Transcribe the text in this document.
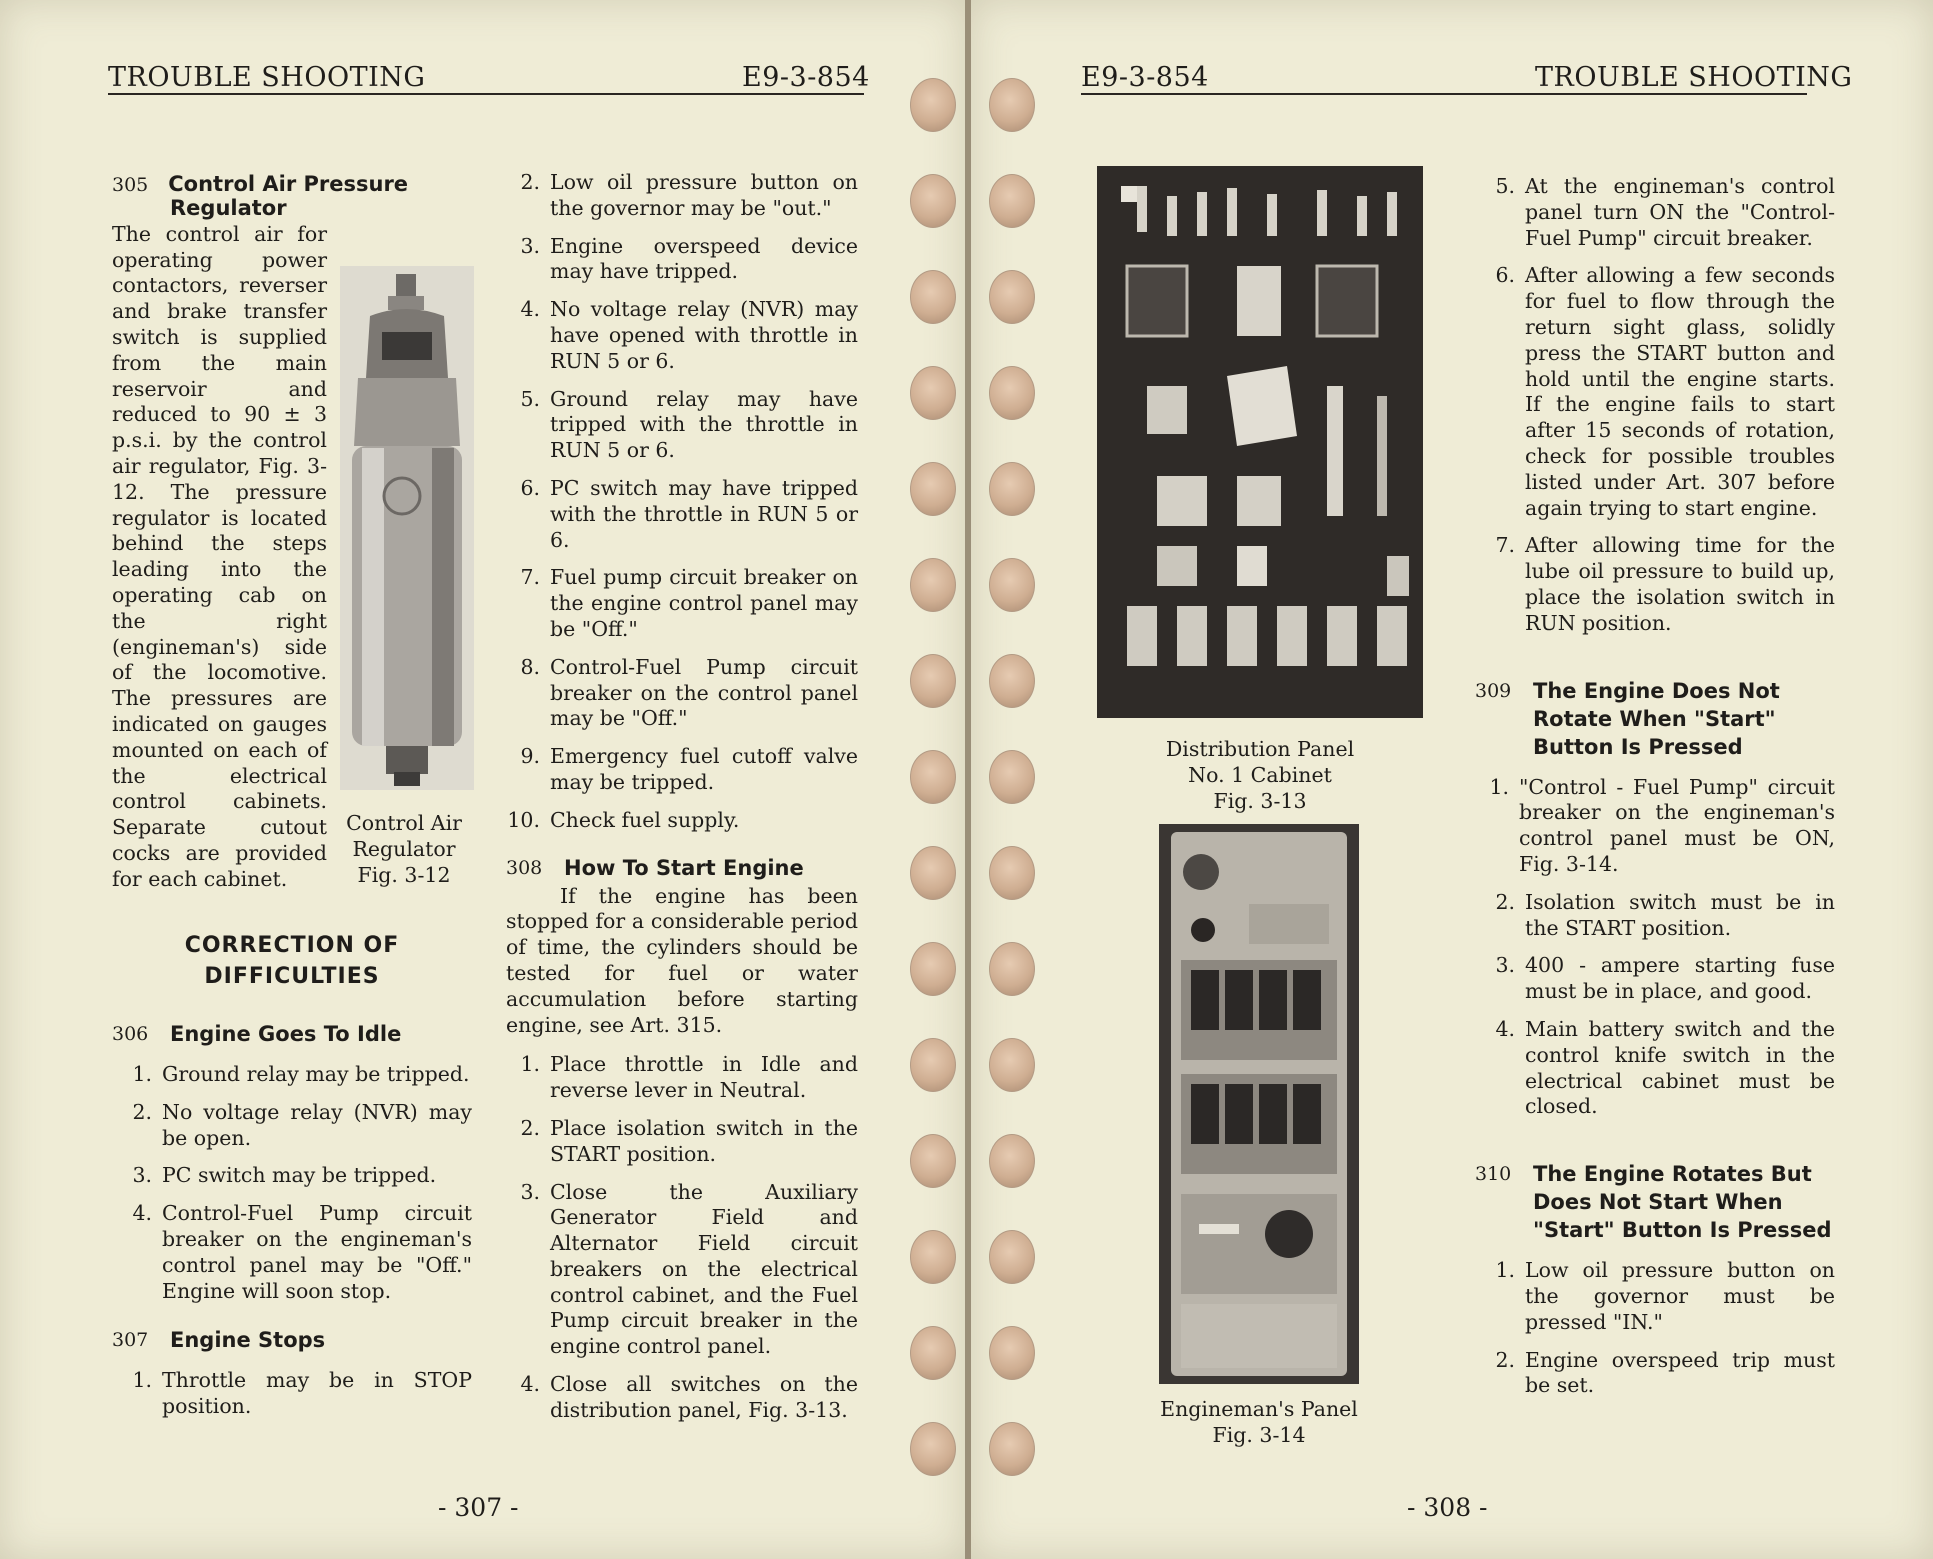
TROUBLE SHOOTING	E9-3-854
305 Control Air Pressure
Regulator The control air for operating power contactors, reverser and brake transfer switch is supplied from the main reservoir and reduced to 90 ± 3 p.s.i. by the control air regulator, Fig. 3-12. The pressure regulator is located behind the steps leading into the operating cab on the right (engineman's) side of the locomotive. The pressures are indicated on gauges mounted on each of the electrical control cabinets. Separate cutout cocks are provided for each cabinet.
Control Air
Regulator
Fig. 3-12
CORRECTION OF
DIFFICULTIES
306	Engine Goes To Idle
1. Ground relay may be tripped.
2. No voltage relay (NVR) may be open.
3. PC switch may be tripped.
4. Control-Fuel Pump circuit breaker on the engineman's control panel may be "Off." Engine will soon stop.
307	Engine Stops
1. Throttle may be in STOP position.
2. Low oil pressure button on the governor may be "out."
3. Engine overspeed device may have tripped.
4. No voltage relay (NVR) may have opened with throttle in RUN 5 or 6.
5. Ground relay may have tripped with the throttle in RUN 5 or 6.
6. PC switch may have tripped with the throttle in RUN 5 or 6.
7. Fuel pump circuit breaker on the engine control panel may be "Off."
8. Control-Fuel Pump circuit breaker on the control panel may be "Off."
9. Emergency fuel cutoff valve may be tripped.
10. Check fuel supply.
308	How To Start Engine

If the engine has been stopped for a considerable period of time, the cylinders should be tested for fuel or water accumulation before starting engine, see Art. 315.

1. Place throttle in Idle and reverse lever in Neutral.
2. Place isolation switch in the START position.
3. Close the Auxiliary Generator Field and Alternator Field circuit breakers on the electrical control cabinet, and the Fuel Pump circuit breaker in the engine control panel.
4. Close all switches on the distribution panel, Fig. 3-13.
- 307 -
E9-3-854	TROUBLE SHOOTING
Distribution Panel
No. 1 Cabinet
Fig. 3-13
Engineman's Panel
Fig. 3-14
5. At the engineman's control panel turn ON the "Control-Fuel Pump" circuit breaker.
6. After allowing a few seconds for fuel to flow through the return sight glass, solidly press the START button and hold until the engine starts. If the engine fails to start after 15 seconds of rotation, check for possible troubles listed under Art. 307 before again trying to start engine.
7. After allowing time for the lube oil pressure to build up, place the isolation switch in RUN position.
309	The Engine Does Not
Rotate When "Start"
Button Is Pressed
1. "Control - Fuel Pump" circuit breaker on the engineman's control panel must be ON, Fig. 3-14.
2. Isolation switch must be in the START position.
3. 400 - ampere starting fuse must be in place, and good.
4. Main battery switch and the control knife switch in the electrical cabinet must be closed.
310	The Engine Rotates But
Does Not Start When
"Start" Button Is Pressed
1. Low oil pressure button on the governor must be pressed "IN."
2. Engine overspeed trip must be set.
- 308 -
